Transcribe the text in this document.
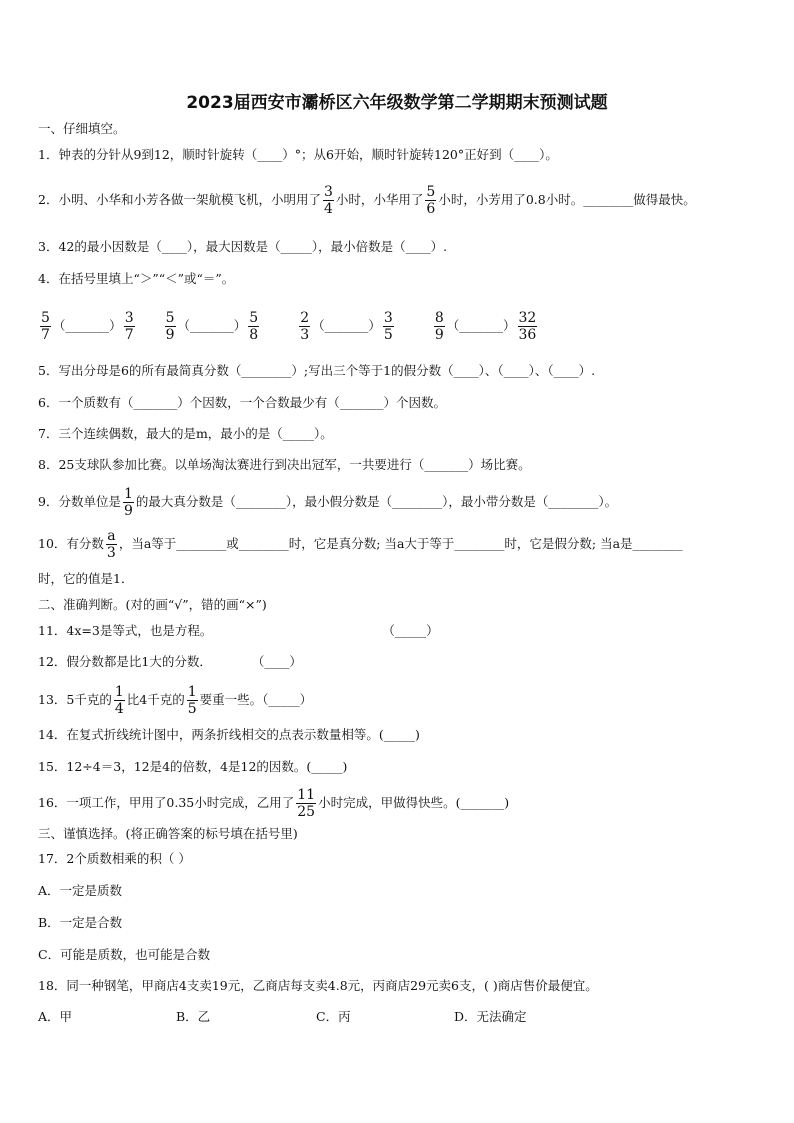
2023届西安市灞桥区六年级数学第二学期期末预测试题
一、仔细填空。
1．钟表的分针从9到12，顺时针旋转（____）°；从6开始，顺时针旋转120°正好到（____）。
2．小明、小华和小芳各做一架航模飞机，小明用了 $\frac{3}{4}$ 小时，小华用了 $\frac{5}{6}$ 小时，小芳用了0.8小时。________做得最快。
3．42的最小因数是（____），最大因数是（_____），最小倍数是（____）.
4．在括号里填上“＞”“＜”或“＝”。
$\frac{5}{7}$ （_______） $\frac{3}{7} \frac{5}{9}$ （_______） $\frac{5}{8}$	$\frac{2}{3}$ （_______） $\frac{3}{5}$	$\frac{8}{9}$ （_______） $\frac{32}{36}$
5．写出分母是6的所有最简真分数（________）;写出三个等于1的假分数（____）、（____）、（____）.
6．一个质数有（_______）个因数，一个合数最少有（_______）个因数。
7．三个连续偶数，最大的是m，最小的是（_____）。
8．25支球队参加比赛。以单场淘汰赛进行到决出冠军，一共要进行（_______）场比赛。
9．分数单位是 $\frac{1}{9}$ 的最大真分数是（________），最小假分数是（________），最小带分数是（________）。
10．有分数 $\frac{a}{3}$ ，当a等于________或________时，它是真分数; 当a大于等于________时，它是假分数; 当a是________
时，它的值是1．
二、准确判断。(对的画“√”，错的画“×”)
11．4x=3是等式，也是方程。	（_____）
12．假分数都是比1大的分数．	（____）
13．5千克的 $\frac{1}{4}$ 比4千克的 $\frac{1}{5}$ 要重一些。（_____）
14．在复式折线统计图中，两条折线相交的点表示数量相等。(_____)
15．12÷4＝3，12是4的倍数，4是12的因数。(_____)
16．一项工作，甲用了0.35小时完成，乙用了 $\frac{11}{25}$ 小时完成，甲做得快些。(_______)
三、谨慎选择。(将正确答案的标号填在括号里)
17．2个质数相乘的积（ ）
A．一定是质数
B．一定是合数
C．可能是质数，也可能是合数
18．同一种钢笔，甲商店4支卖19元，乙商店每支卖4.8元，丙商店29元卖6支，( )商店售价最便宜。
A．甲	B．乙	C．丙	D．无法确定
